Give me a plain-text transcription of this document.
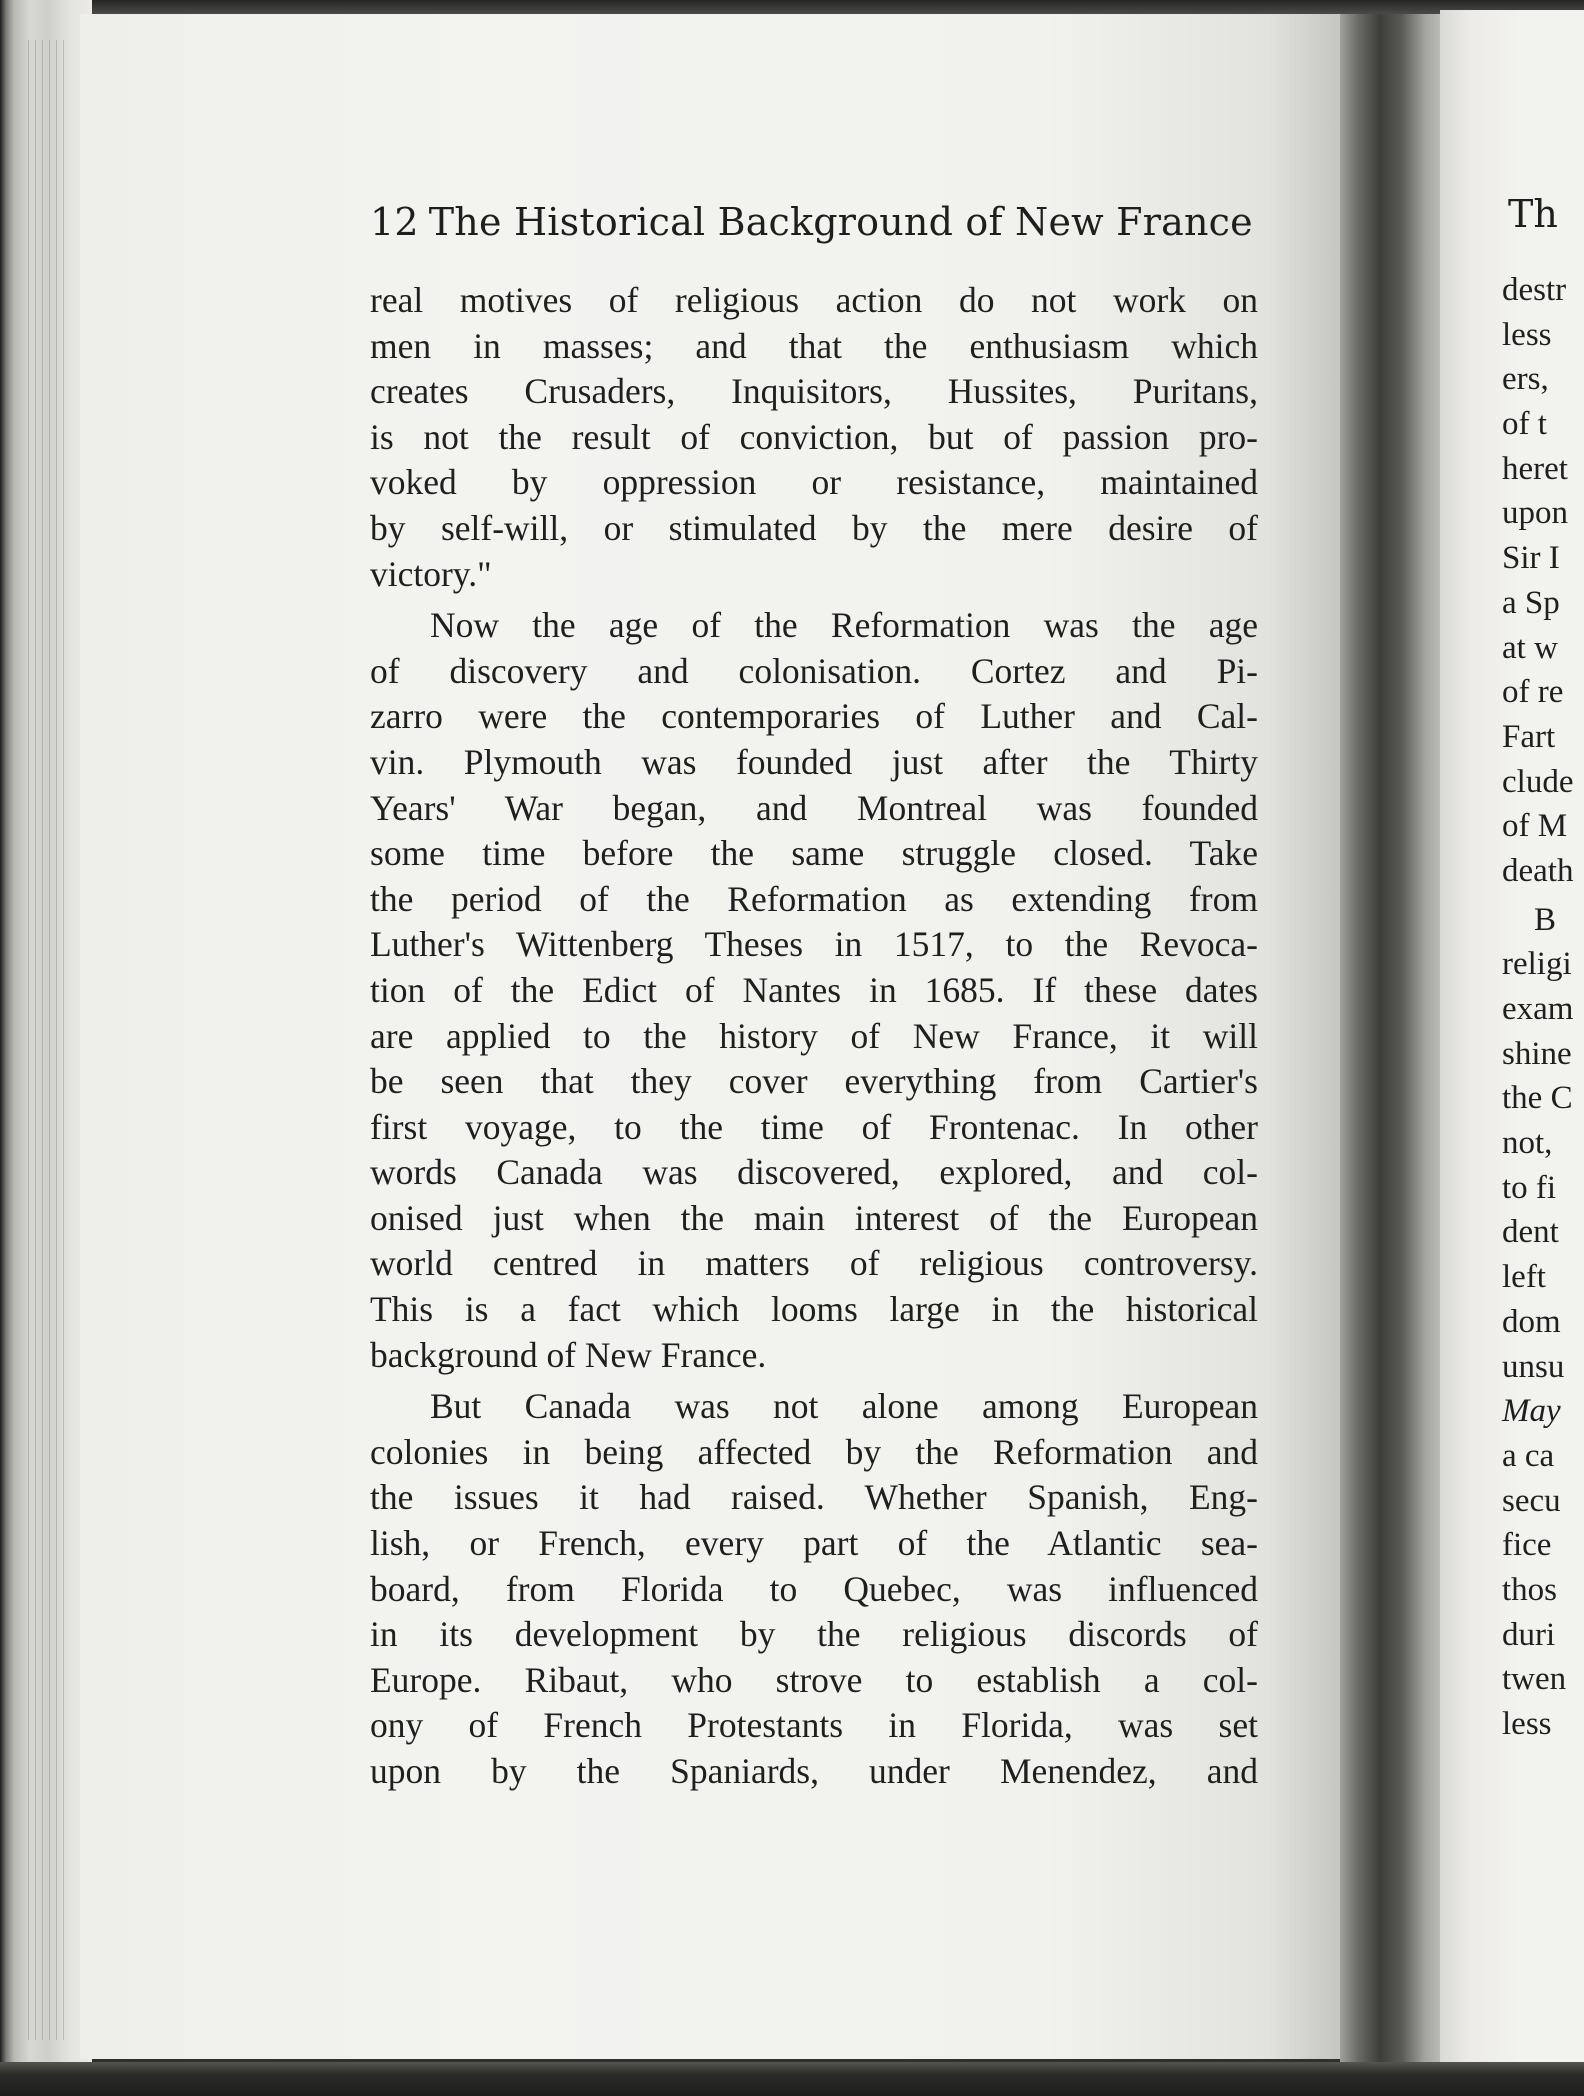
12 The Historical Background of New France
real motives of religious action do not work on
men in masses; and that the enthusiasm which
creates Crusaders, Inquisitors, Hussites, Puritans,
is not the result of conviction, but of passion pro-
voked by oppression or resistance, maintained
by self-will, or stimulated by the mere desire of
victory."
Now the age of the Reformation was the age
of discovery and colonisation. Cortez and Pi-
zarro were the contemporaries of Luther and Cal-
vin. Plymouth was founded just after the Thirty
Years' War began, and Montreal was founded
some time before the same struggle closed. Take
the period of the Reformation as extending from
Luther's Wittenberg Theses in 1517, to the Revoca-
tion of the Edict of Nantes in 1685. If these dates
are applied to the history of New France, it will
be seen that they cover everything from Cartier's
first voyage, to the time of Frontenac. In other
words Canada was discovered, explored, and col-
onised just when the main interest of the European
world centred in matters of religious controversy.
This is a fact which looms large in the historical
background of New France.
But Canada was not alone among European
colonies in being affected by the Reformation and
the issues it had raised. Whether Spanish, Eng-
lish, or French, every part of the Atlantic sea-
board, from Florida to Quebec, was influenced
in its development by the religious discords of
Europe. Ribaut, who strove to establish a col-
ony of French Protestants in Florida, was set
upon by the Spaniards, under Menendez, and
Th
destr
less
ers,
of t
heret
upon
Sir I
a Sp
at w
of re
Fart
clude
of M
death
B
religi
exam
shine
the C
not,
to fi
dent
left
dom
unsu
May
a ca
secu
fice
thos
duri
twen
less
